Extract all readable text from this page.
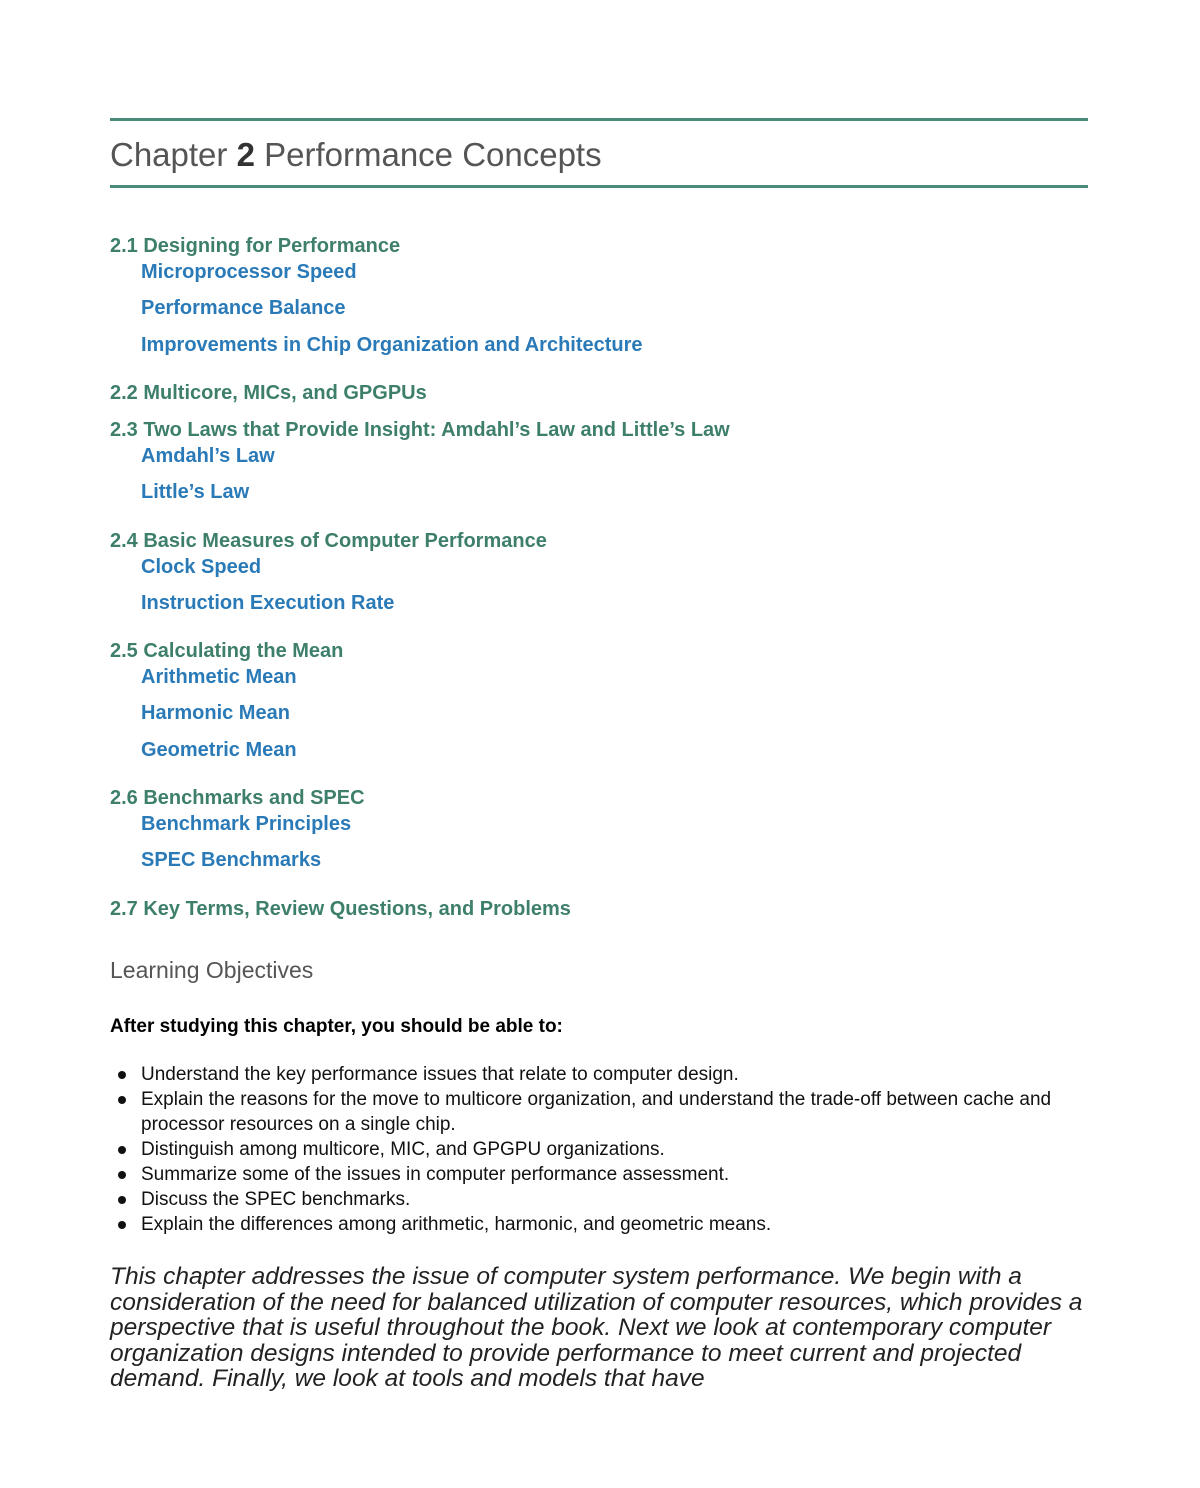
Chapter 2 Performance Concepts
2.1 Designing for Performance
Microprocessor Speed
Performance Balance
Improvements in Chip Organization and Architecture
2.2 Multicore, MICs, and GPGPUs
2.3 Two Laws that Provide Insight: Amdahl’s Law and Little’s Law
Amdahl’s Law
Little’s Law
2.4 Basic Measures of Computer Performance
Clock Speed
Instruction Execution Rate
2.5 Calculating the Mean
Arithmetic Mean
Harmonic Mean
Geometric Mean
2.6 Benchmarks and SPEC
Benchmark Principles
SPEC Benchmarks
2.7 Key Terms, Review Questions, and Problems
Learning Objectives
After studying this chapter, you should be able to:
Understand the key performance issues that relate to computer design.
Explain the reasons for the move to multicore organization, and understand the trade-off between cache and processor resources on a single chip.
Distinguish among multicore, MIC, and GPGPU organizations.
Summarize some of the issues in computer performance assessment.
Discuss the SPEC benchmarks.
Explain the differences among arithmetic, harmonic, and geometric means.

This chapter addresses the issue of computer system performance. We begin with a consideration of the need for balanced utilization of computer resources, which provides a perspective that is useful throughout the book. Next we look at contemporary computer organization designs intended to provide performance to meet current and projected demand. Finally, we look at tools and models that have
